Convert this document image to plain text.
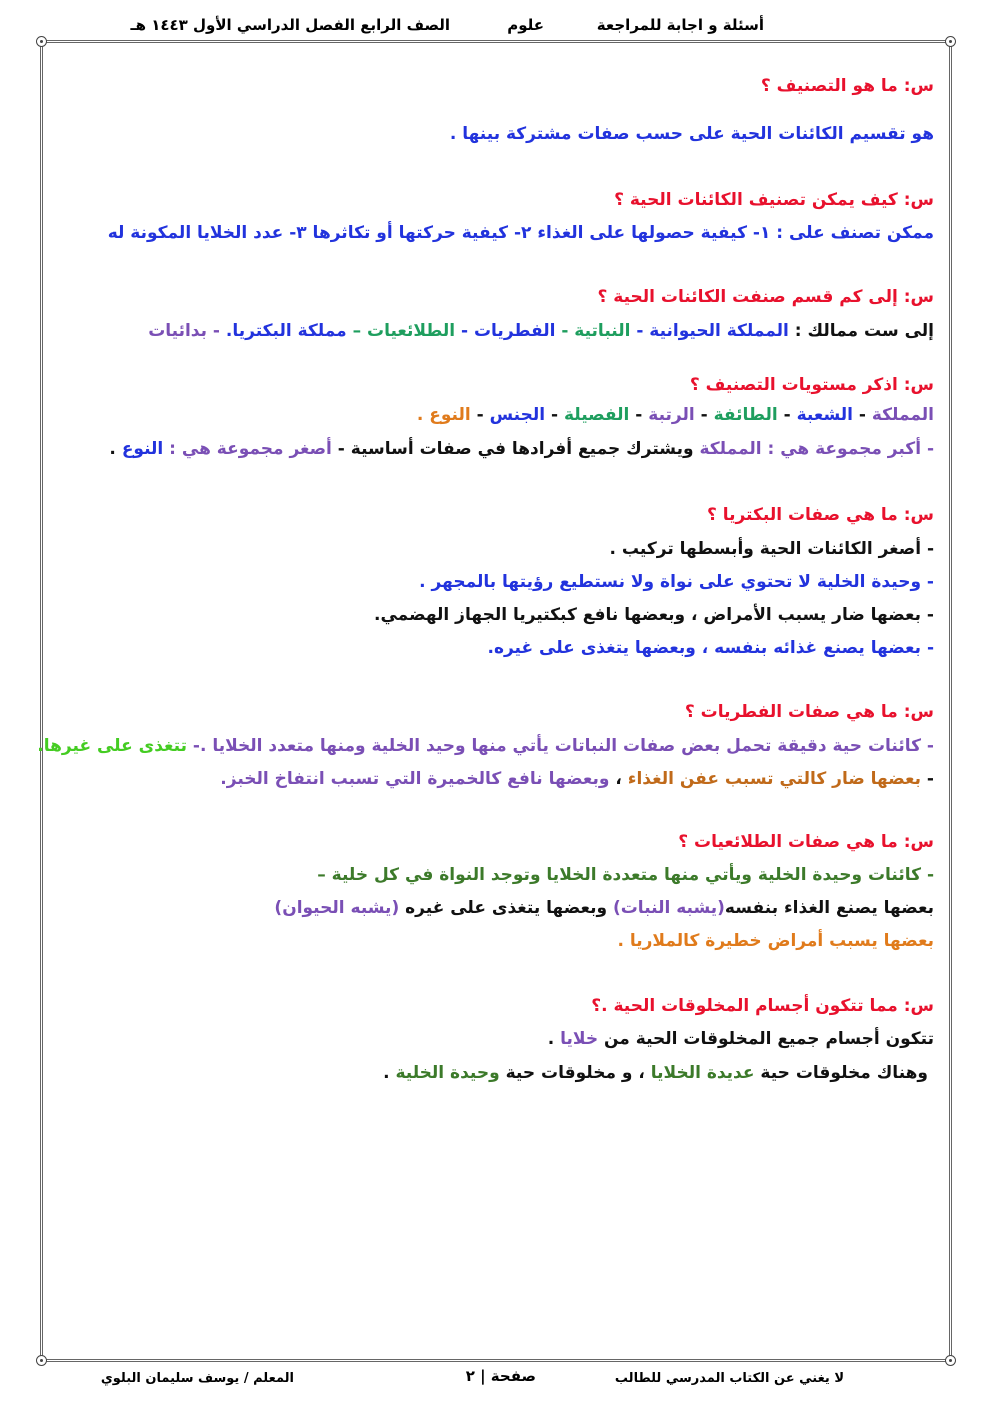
أسئلة و اجابة للمراجعة
علوم
الصف الرابع الفصل الدراسي الأول ١٤٤٣ هـ
س: ما هو التصنيف ؟
هو تقسيم الكائنات الحية على حسب صفات مشتركة بينها .
س: كيف يمكن تصنيف الكائنات الحية ؟
ممكن تصنف على : ١- كيفية حصولها على الغذاء ٢- كيفية حركتها أو تكاثرها ٣- عدد الخلايا المكونة له
س: إلى كم قسم صنفت الكائنات الحية ؟
إلى ست ممالك : المملكة الحيوانية - النباتية - الفطريات - الطلائعيات – مملكة البكتريا. - بدائيات
س: اذكر مستويات التصنيف ؟
المملكة - الشعبة - الطائفة - الرتبة - الفصيلة - الجنس - النوع .
- أكبر مجموعة هي : المملكة ويشترك جميع أفرادها في صفات أساسية - أصغر مجموعة هي : النوع .
س: ما هي صفات البكتريا ؟
- أصغر الكائنات الحية وأبسطها تركيب .
- وحيدة الخلية لا تحتوي على نواة ولا نستطيع رؤيتها بالمجهر .
- بعضها ضار يسبب الأمراض ، وبعضها نافع كبكتيريا الجهاز الهضمي.
- بعضها يصنع غذائه بنفسه ، وبعضها يتغذى على غيره.
س: ما هي صفات الفطريات ؟
- كائنات حية دقيقة تحمل بعض صفات النباتات يأتي منها وحيد الخلية ومنها متعدد الخلايا .- تتغذى على غيرها.
- بعضها ضار كالتي تسبب عفن الغذاء ، وبعضها نافع كالخميرة التي تسبب انتفاخ الخبز.
س: ما هي صفات الطلائعيات ؟
- كائنات وحيدة الخلية ويأتي منها متعددة الخلايا وتوجد النواة في كل خلية –
بعضها يصنع الغذاء بنفسه(يشبه النبات) وبعضها يتغذى على غيره (يشبه الحيوان)
بعضها يسبب أمراض خطيرة كالملاريا .
س: مما تتكون أجسام المخلوقات الحية .؟
تتكون أجسام جميع المخلوقات الحية من خلايا .
وهناك مخلوقات حية عديدة الخلايا ، و مخلوقات حية وحيدة الخلية .
لا يغني عن الكتاب المدرسي للطالب
صفحة | ٢
المعلم / يوسف سليمان البلوي
